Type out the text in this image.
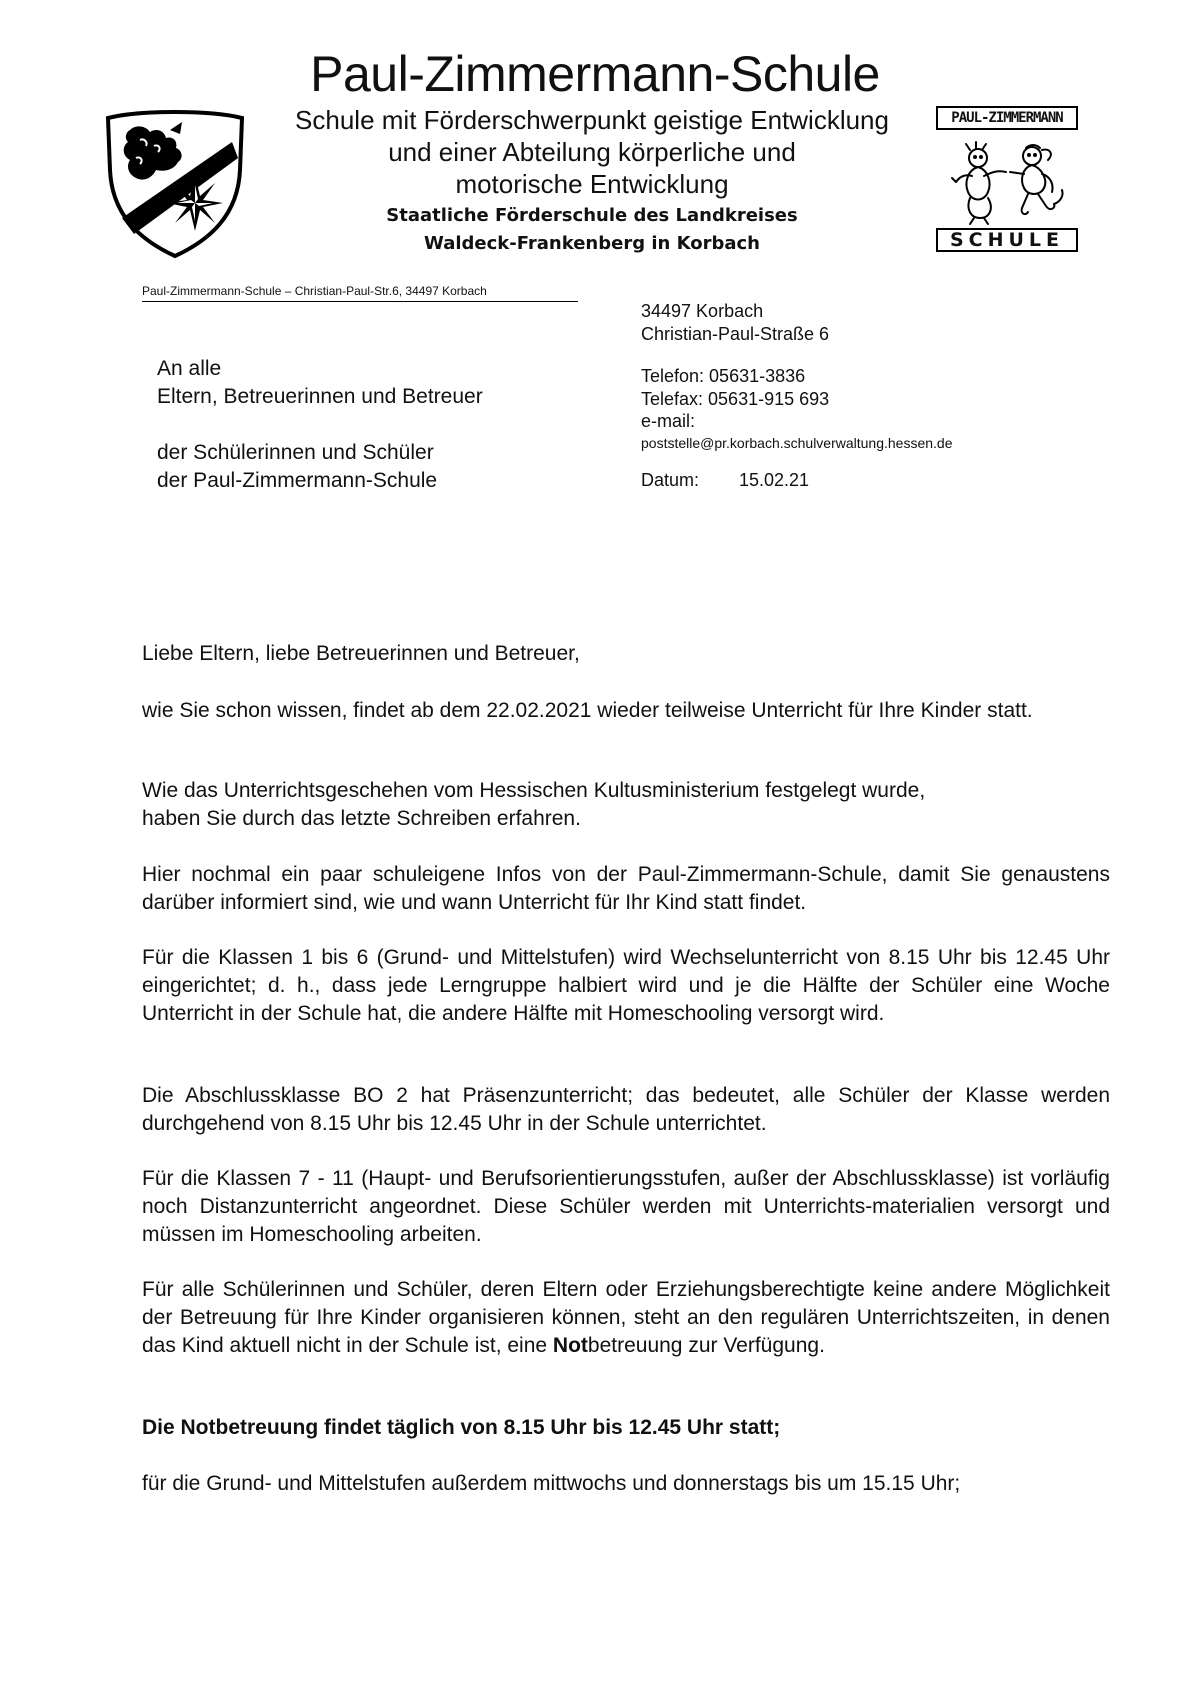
Paul-Zimmermann-Schule
Schule mit Förderschwerpunkt geistige Entwicklung
und einer Abteilung körperliche und
motorische Entwicklung
Staatliche Förderschule des Landkreises
Waldeck-Frankenberg in Korbach
PAUL-ZIMMERMANN
SCHULE
Paul-Zimmermann-Schule – Christian-Paul-Str.6, 34497 Korbach
An alle
Eltern, Betreuerinnen und Betreuer
der Schülerinnen und Schüler
der Paul-Zimmermann-Schule
34497 Korbach
Christian-Paul-Straße 6
Telefon: 05631-3836
Telefax: 05631-915 693
e-mail:
poststelle@pr.korbach.schulverwaltung.hessen.de
Datum: 15.02.21

Liebe Eltern, liebe Betreuerinnen und Betreuer,

wie Sie schon wissen, findet ab dem 22.02.2021 wieder teilweise Unterricht für Ihre Kinder statt.

Wie das Unterrichtsgeschehen vom Hessischen Kultusministerium festgelegt wurde,

haben Sie durch das letzte Schreiben erfahren.

Hier nochmal ein paar schuleigene Infos von der Paul-Zimmermann-Schule, damit Sie genaustens darüber informiert sind, wie und wann Unterricht für Ihr Kind statt findet.

Für die Klassen 1 bis 6 (Grund- und Mittelstufen) wird Wechselunterricht von 8.15 Uhr bis 12.45 Uhr eingerichtet; d. h., dass jede Lerngruppe halbiert wird und je die Hälfte der Schüler eine Woche Unterricht in der Schule hat, die andere Hälfte mit Homeschooling versorgt wird.

Die Abschlussklasse BO 2 hat Präsenzunterricht; das bedeutet, alle Schüler der Klasse werden durchgehend von 8.15 Uhr bis 12.45 Uhr in der Schule unterrichtet.

Für die Klassen 7 - 11 (Haupt- und Berufsorientierungsstufen, außer der Abschlussklasse) ist vorläufig noch Distanzunterricht angeordnet. Diese Schüler werden mit Unterrichts-materialien versorgt und müssen im Homeschooling arbeiten.

Für alle Schülerinnen und Schüler, deren Eltern oder Erziehungsberechtigte keine andere Möglichkeit der Betreuung für Ihre Kinder organisieren können, steht an den regulären Unterrichtszeiten, in denen das Kind aktuell nicht in der Schule ist, eine Notbetreuung zur Verfügung.

Die Notbetreuung findet täglich von 8.15 Uhr bis 12.45 Uhr statt;

für die Grund- und Mittelstufen außerdem mittwochs und donnerstags bis um 15.15 Uhr;
